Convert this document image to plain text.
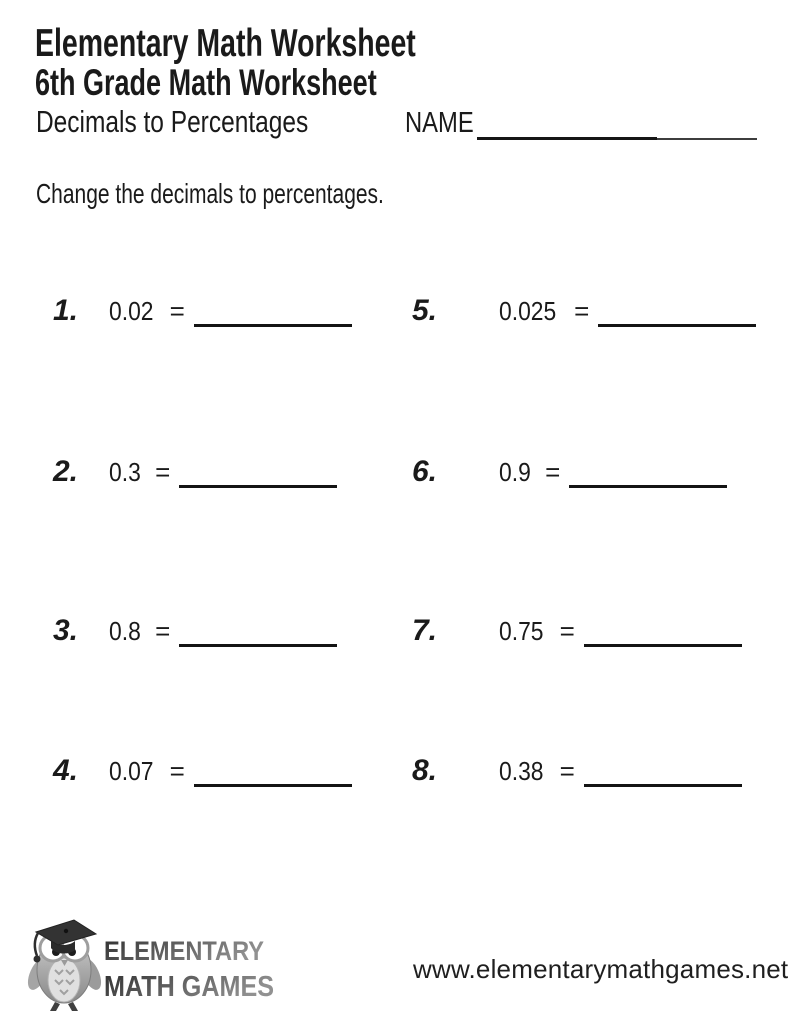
Elementary Math Worksheet
6th Grade Math Worksheet
Decimals to Percentages	NAME
Change the decimals to percentages.
1. 0.02 =
2. 0.3 =
3. 0.8 =
4. 0.07 =
5. 0.025 =
6. 0.9 =
7. 0.75 =
8. 0.38 =
ELEMENTARY
MATH GAMES
www.elementarymathgames.net
